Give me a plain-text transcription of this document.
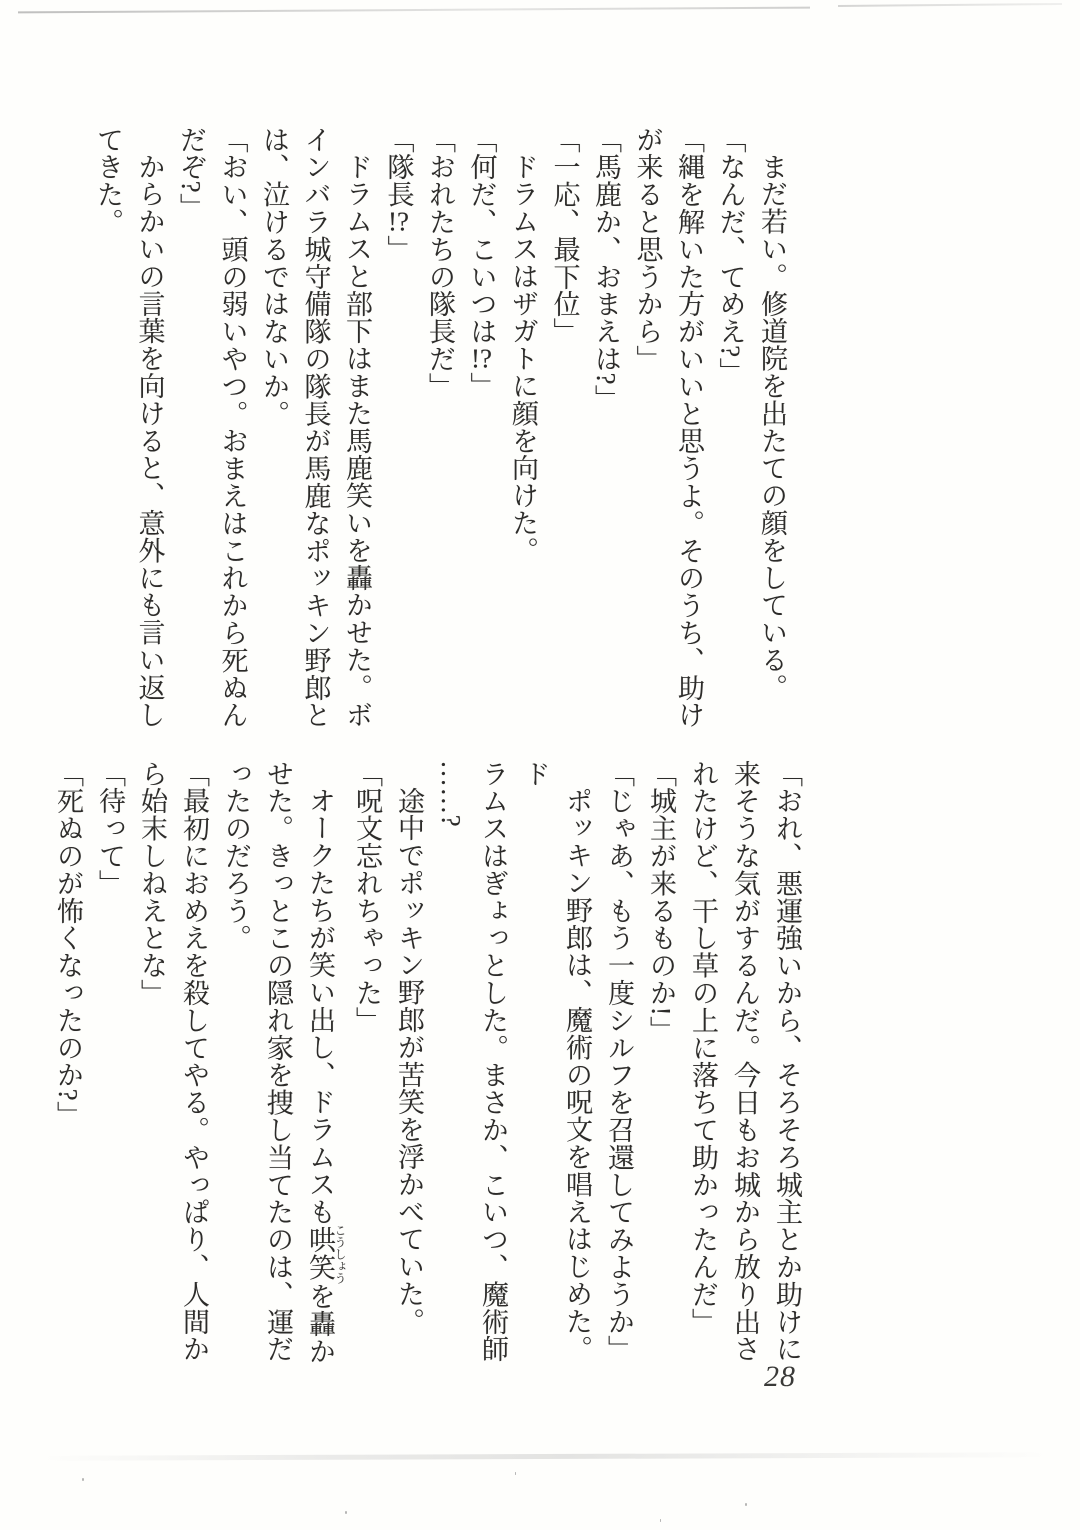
まだ若い。修道院を出たての顔をしている。
「なんだ、てめえ?」
「縄を解いた方がいいと思うよ。そのうち、助け
が来ると思うから」
「馬鹿か、おまえは?」
「一応、最下位」
ドラムスはザガトに顔を向けた。
「何だ、こいつは!?」
「おれたちの隊長だ」
「隊長!?」
ドラムスと部下はまた馬鹿笑いを轟かせた。ボ
インバラ城守備隊の隊長が馬鹿なポッキン野郎と
は、泣けるではないか。
「おい、頭の弱いやつ。おまえはこれから死ぬん
だぞ?」
からかいの言葉を向けると、意外にも言い返し
てきた。
「おれ、悪運強いから、そろそろ城主とか助けに
来そうな気がするんだ。今日もお城から放り出さ
れたけど、干し草の上に落ちて助かったんだ」
「城主が来るものか!」
「じゃあ、もう一度シルフを召還してみようか」
ポッキン野郎は、魔術の呪文を唱えはじめた。ド
ラムスはぎょっとした。まさか、こいつ、魔術師
……?
途中でポッキン野郎が苦笑を浮かべていた。
「呪文忘れちゃった」
オークたちが笑い出し、ドラムスも哄笑こうしょうを轟か
せた。きっとこの隠れ家を捜し当てたのは、運だ
ったのだろう。
「最初におめえを殺してやる。やっぱり、人間か
ら始末しねえとな」
「待って」
「死ぬのが怖くなったのか?」
28
